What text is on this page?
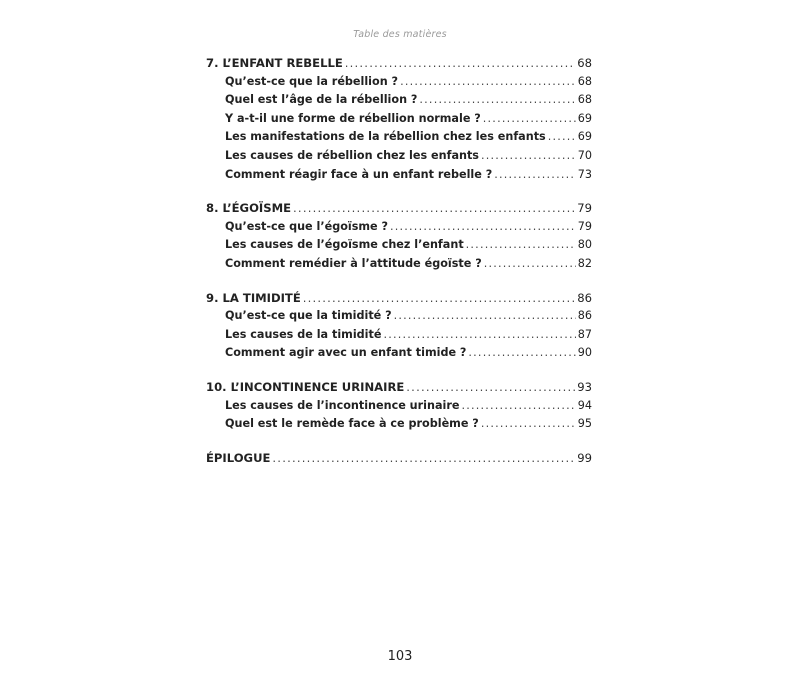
Table des matières
7. L’ENFANT REBELLE .....	68
Qu’est-ce que la rébellion ? .....	68
Quel est l’âge de la rébellion ? .....	68
Y a-t-il une forme de rébellion normale ? .....	69
Les manifestations de la rébellion chez les enfants .....	69
Les causes de rébellion chez les enfants .....	70
Comment réagir face à un enfant rebelle ? .....	73
8. L’ÉGOÏSME .....	79
Qu’est-ce que l’égoïsme ? .....	79
Les causes de l’égoïsme chez l’enfant .....	80
Comment remédier à l’attitude égoïste ? .....	82
9. LA TIMIDITÉ .....	86
Qu’est-ce que la timidité ? .....	86
Les causes de la timidité .....	87
Comment agir avec un enfant timide ? .....	90
10. L’INCONTINENCE URINAIRE .....	93
Les causes de l’incontinence urinaire .....	94
Quel est le remède face à ce problème ? .....	95
ÉPILOGUE .....	99
103
